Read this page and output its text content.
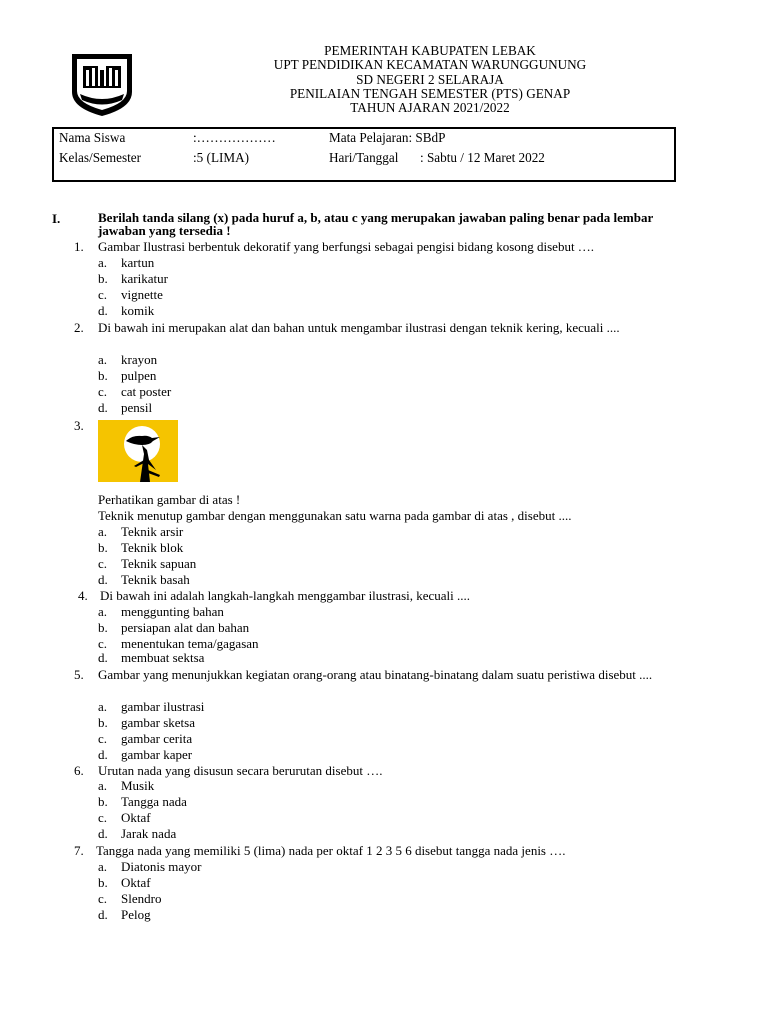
PEMERINTAH KABUPATEN LEBAK
UPT PENDIDIKAN KECAMATAN WARUNGGUNUNG
SD NEGERI 2 SELARAJA
PENILAIAN TENGAH SEMESTER (PTS) GENAP
TAHUN AJARAN 2021/2022
Nama Siswa	:………………	Mata Pelajaran: SBdP
Kelas/Semester	:5 (LIMA)	Hari/Tanggal : Sabtu / 12 Maret 2022
I.	Berilah tanda silang (x) pada huruf a, b, atau c yang merupakan jawaban paling benar pada lembar jawaban yang tersedia !
1. Gambar Ilustrasi berbentuk dekoratif yang berfungsi sebagai pengisi bidang kosong disebut ….
a. kartun
b. karikatur
c. vignette
d. komik
2. Di bawah ini merupakan alat dan bahan untuk mengambar ilustrasi dengan teknik kering, kecuali ....
a. krayon
b. pulpen
c. cat poster
d. pensil
3.
Perhatikan gambar di atas !
Teknik menutup gambar dengan menggunakan satu warna pada gambar di atas , disebut ....
a. Teknik arsir
b. Teknik blok
c. Teknik sapuan
d. Teknik basah
4. Di bawah ini adalah langkah-langkah menggambar ilustrasi, kecuali ....
a. menggunting bahan
b. persiapan alat dan bahan
c. menentukan tema/gagasan
d. membuat sektsa
5. Gambar yang menunjukkan kegiatan orang-orang atau binatang-binatang dalam suatu peristiwa disebut ....
a. gambar ilustrasi
b. gambar sketsa
c. gambar cerita
d. gambar kaper
6. Urutan nada yang disusun secara berurutan disebut ….
a. Musik
b. Tangga nada
c. Oktaf
d. Jarak nada
7. Tangga nada yang memiliki 5 (lima) nada per oktaf 1 2 3 5 6 disebut tangga nada jenis ….
a. Diatonis mayor
b. Oktaf
c. Slendro
d. Pelog
